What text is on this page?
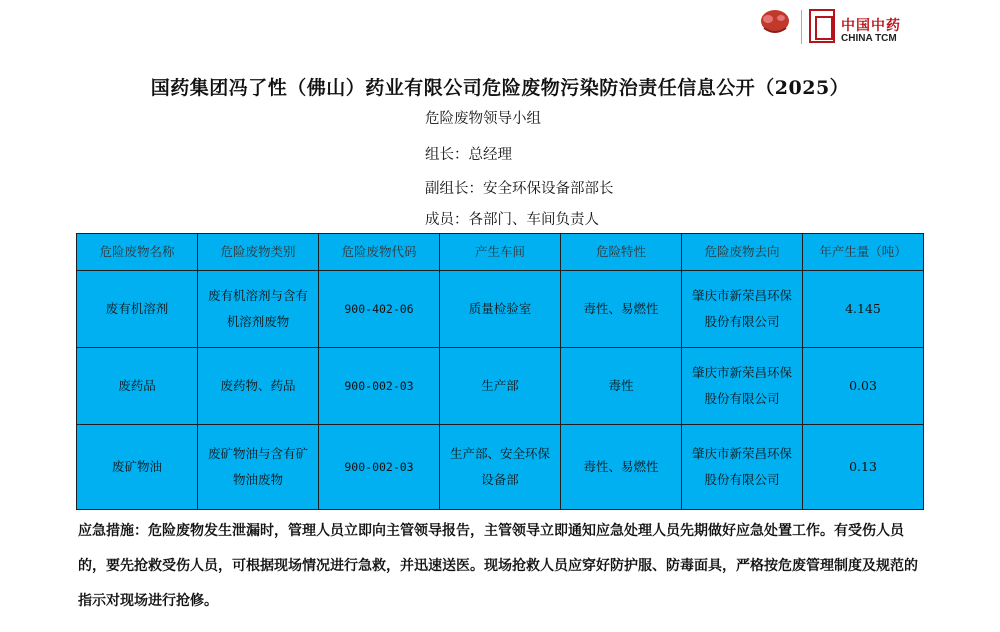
中国中药
CHINA TCM
国药集团冯了性（佛山）药业有限公司危险废物污染防治责任信息公开（2025）
危险废物领导小组
组长：总经理
副组长：安全环保设备部部长
成员：各部门、车间负责人
危险废物名称	危险废物类别	危险废物代码	产生车间	危险特性	危险废物去向	年产生量（吨）
废有机溶剂	废有机溶剂与含有机溶剂废物	900-402-06	质量检验室	毒性、易燃性	肇庆市新荣昌环保股份有限公司	4.145
废药品	废药物、药品	900-002-03	生产部	毒性	肇庆市新荣昌环保股份有限公司	0.03
废矿物油	废矿物油与含有矿物油废物	900-002-03	生产部、安全环保设备部	毒性、易燃性	肇庆市新荣昌环保股份有限公司	0.13
应急措施：危险废物发生泄漏时，管理人员立即向主管领导报告，主管领导立即通知应急处理人员先期做好应急处置工作。有受伤人员的，要先抢救受伤人员，可根据现场情况进行急救，并迅速送医。现场抢救人员应穿好防护服、防毒面具，严格按危废管理制度及规范的指示对现场进行抢修。
